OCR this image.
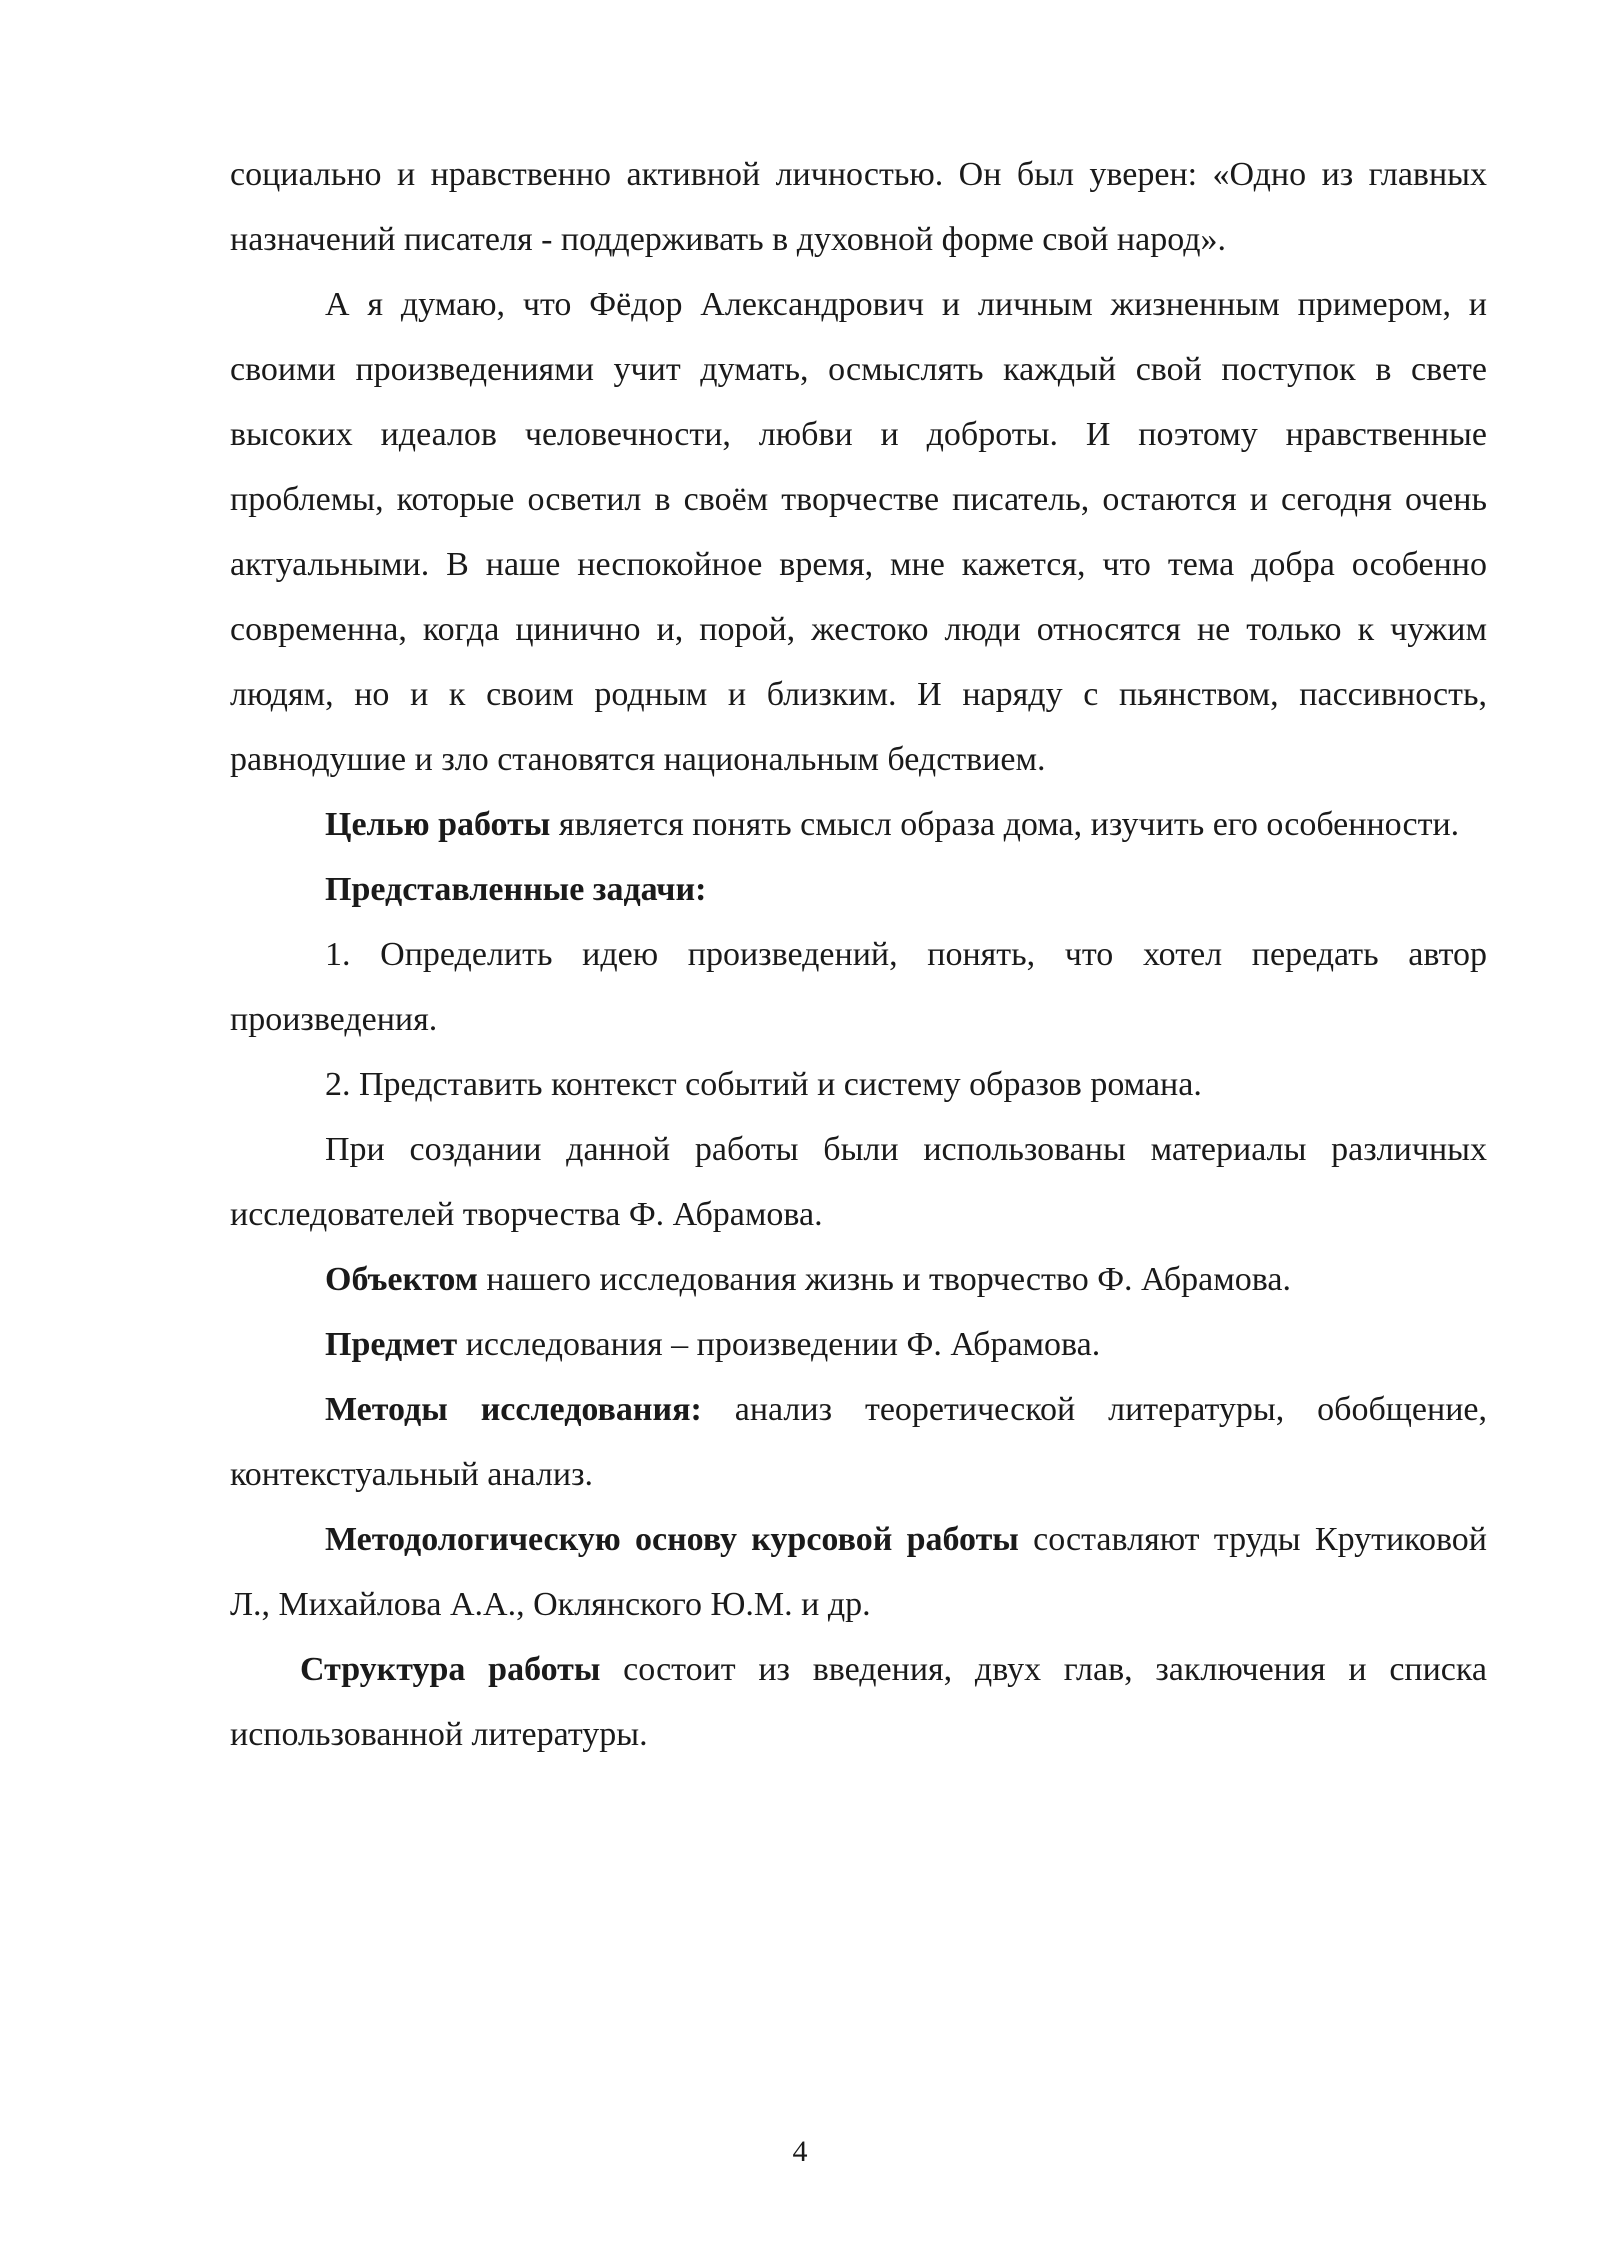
социально и нравственно активной личностью. Он был уверен: «Одно из главных назначений писателя - поддерживать в духовной форме свой народ».

А я думаю, что Фёдор Александрович и личным жизненным примером, и своими произведениями учит думать, осмыслять каждый свой поступок в свете высоких идеалов человечности, любви и доброты. И поэтому нравственные проблемы, которые осветил в своём творчестве писатель, остаются и сегодня очень актуальными. В наше неспокойное время, мне кажется, что тема добра особенно современна, когда цинично и, порой, жестоко люди относятся не только к чужим людям, но и к своим родным и близким. И наряду с пьянством, пассивность, равнодушие и зло становятся национальным бедствием.

Целью работы является понять смысл образа дома, изучить его особенности.

Представленные задачи:

1. Определить идею произведений, понять, что хотел передать автор произведения.

2. Представить контекст событий и систему образов романа.

При создании данной работы были использованы материалы различных исследователей творчества Ф. Абрамова.

Объектом нашего исследования жизнь и творчество Ф. Абрамова.

Предмет исследования – произведении Ф. Абрамова.

Методы исследования: анализ теоретической литературы, обобщение, контекстуальный анализ.

Методологическую основу курсовой работы составляют труды Крутиковой Л., Михайлова А.А., Оклянского Ю.М. и др.

Структура работы состоит из введения, двух глав, заключения и списка использованной литературы.

4
